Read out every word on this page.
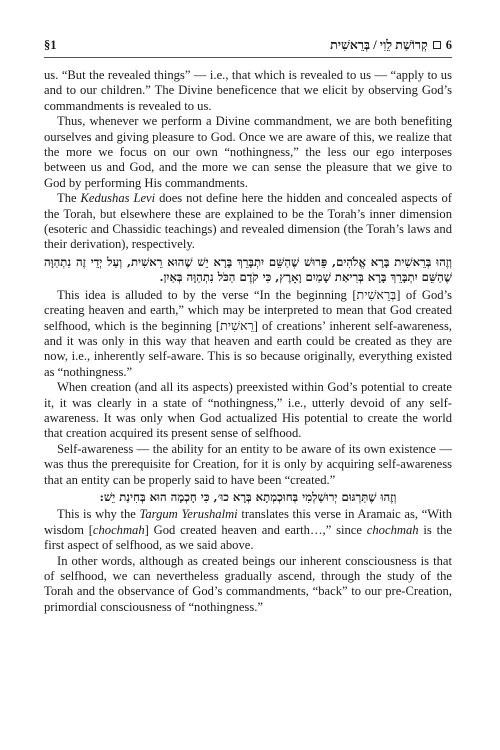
§1	6
קְרוֹשַׁת לֵוִי / בְּרֵאשִׁית

us. “But the revealed things” — i.e., that which is revealed to us — “apply to us and to our children.” The Divine beneficence that we elicit by observing God’s commandments is revealed to us.

Thus, whenever we perform a Divine commandment, we are both benefiting ourselves and giving pleasure to God. Once we are aware of this, we realize that the more we focus on our own “nothingness,” the less our ego interposes between us and God, and the more we can sense the pleasure that we give to God by performing His commandments.

The Kedushas Levi does not define here the hidden and concealed aspects of the Torah, but elsewhere these are explained to be the Torah’s inner dimension (esoteric and Chassidic teachings) and revealed dimension (the Torah’s laws and their derivation), respectively.

וְזֶהוּ בְּרֵאשִׁית בָּרָא אֱלֹהִים, פֵּרוּשׁ שֶׁהַשֵּׁם יִתְבָּרֵךְ בָּרָא יֵשׁ שֶׁהוּא רֵאשִׁית, וְעַל יְדֵי זֶה נִתְהַוָּה שֶׁהַשֵּׁם יִתְבָּרֵךְ בָּרָא בְּרִיאַת שָׁמַיִם וָאָרֶץ, כִּי קֹדֶם הַכֹּל נִתְהַוָּה בְּאַיִן.

This idea is alluded to by the verse “In the beginning [בְּרֵאשִׁית] of God’s creating heaven and earth,” which may be interpreted to mean that God created selfhood, which is the beginning [רֵאשִׁית] of creations’ inherent self-awareness, and it was only in this way that heaven and earth could be created as they are now, i.e., inherently self-aware. This is so because originally, everything existed as “nothingness.”

When creation (and all its aspects) preexisted within God’s potential to create it, it was clearly in a state of “nothingness,” i.e., utterly devoid of any self-awareness. It was only when God actualized His potential to create the world that creation acquired its present sense of selfhood.

Self-awareness — the ability for an entity to be aware of its own existence — was thus the prerequisite for Creation, for it is only by acquiring self-awareness that an entity can be properly said to have been “created.”

וְזֶהוּ שֶׁתַּרְגּוּם יְרוּשַׁלְמִי בְּחוּכְמְתָא בְּרָא כוּ׳, כִּי חָכְמָה הוּא בְּחִינַת יֵשׁ:

This is why the Targum Yerushalmi translates this verse in Aramaic as, “With wisdom [chochmah] God created heaven and earth…,” since chochmah is the first aspect of selfhood, as we said above.

In other words, although as created beings our inherent consciousness is that of selfhood, we can nevertheless gradually ascend, through the study of the Torah and the observance of God’s commandments, “back” to our pre-Creation, primordial consciousness of “nothingness.”
